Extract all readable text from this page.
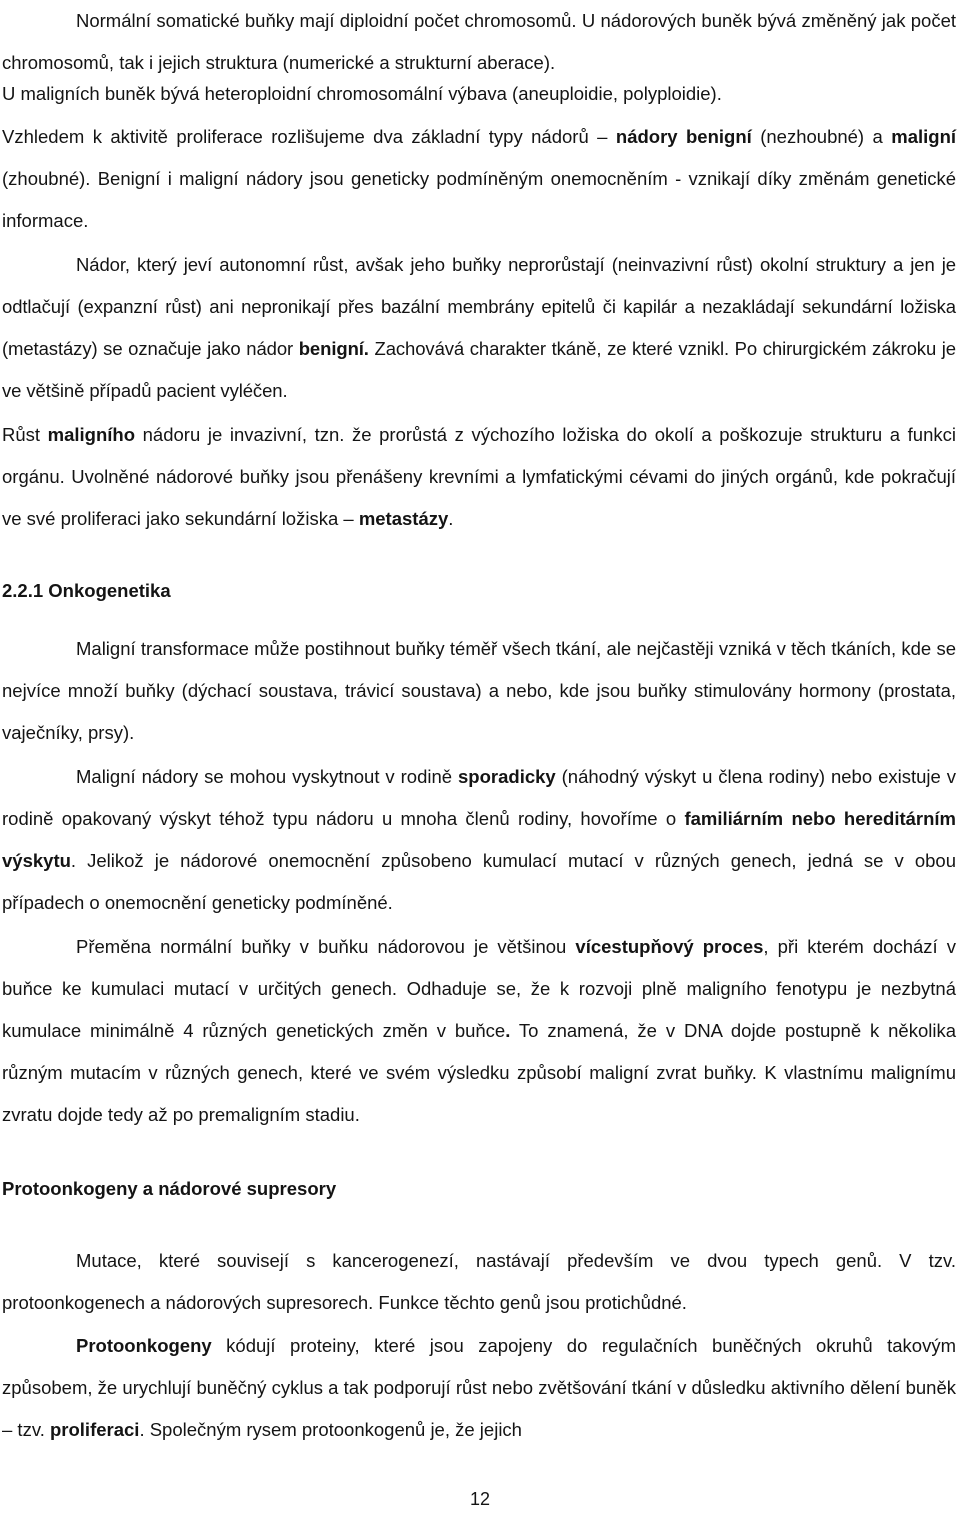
Normální somatické buňky mají diploidní počet chromosomů. U nádorových buněk bývá změněný jak počet chromosomů, tak i jejich struktura (numerické a strukturní aberace).
U maligních buněk bývá heteroploidní chromosomální výbava (aneuploidie, polyploidie).
Vzhledem k aktivitě proliferace rozlišujeme dva základní typy nádorů – nádory benigní (nezhoubné) a maligní (zhoubné). Benigní i maligní nádory jsou geneticky podmíněným onemocněním - vznikají díky změnám genetické informace.
Nádor, který jeví autonomní růst, avšak jeho buňky neprorůstají (neinvazivní růst) okolní struktury a jen je odtlačují (expanzní růst) ani nepronikají přes bazální membrány epitelů či kapilár a nezakládají sekundární ložiska (metastázy) se označuje jako nádor benigní. Zachovává charakter tkáně, ze které vznikl. Po chirurgickém zákroku je ve většině případů pacient vyléčen.
Růst maligního nádoru je invazivní, tzn. že prorůstá z výchozího ložiska do okolí a poškozuje strukturu a funkci orgánu. Uvolněné nádorové buňky jsou přenášeny krevními a lymfatickými cévami do jiných orgánů, kde pokračují ve své proliferaci jako sekundární ložiska – metastázy.
2.2.1 Onkogenetika
Maligní transformace může postihnout buňky téměř všech tkání, ale nejčastěji vzniká v těch tkáních, kde se nejvíce množí buňky (dýchací soustava, trávicí soustava) a nebo, kde jsou buňky stimulovány hormony (prostata, vaječníky, prsy).
Maligní nádory se mohou vyskytnout v rodině sporadicky (náhodný výskyt u člena rodiny) nebo existuje v rodině opakovaný výskyt téhož typu nádoru u mnoha členů rodiny, hovoříme o familiárním nebo hereditárním výskytu. Jelikož je nádorové onemocnění způsobeno kumulací mutací v různých genech, jedná se v obou případech o onemocnění geneticky podmíněné.
Přeměna normální buňky v buňku nádorovou je většinou vícestupňový proces, při kterém dochází v buňce ke kumulaci mutací v určitých genech. Odhaduje se, že k rozvoji plně maligního fenotypu je nezbytná kumulace minimálně 4 různých genetických změn v buňce. To znamená, že v DNA dojde postupně k několika různým mutacím v různých genech, které ve svém výsledku způsobí maligní zvrat buňky. K vlastnímu malignímu zvratu dojde tedy až po premaligním stadiu.
Protoonkogeny a nádorové supresory
Mutace, které souvisejí s kancerogenezí, nastávají především ve dvou typech genů. V tzv. protoonkogenech a nádorových supresorech. Funkce těchto genů jsou protichůdné.
Protoonkogeny kódují proteiny, které jsou zapojeny do regulačních buněčných okruhů takovým způsobem, že urychlují buněčný cyklus a tak podporují růst nebo zvětšování tkání v důsledku aktivního dělení buněk – tzv. proliferaci. Společným rysem protoonkogenů je, že jejich
12
